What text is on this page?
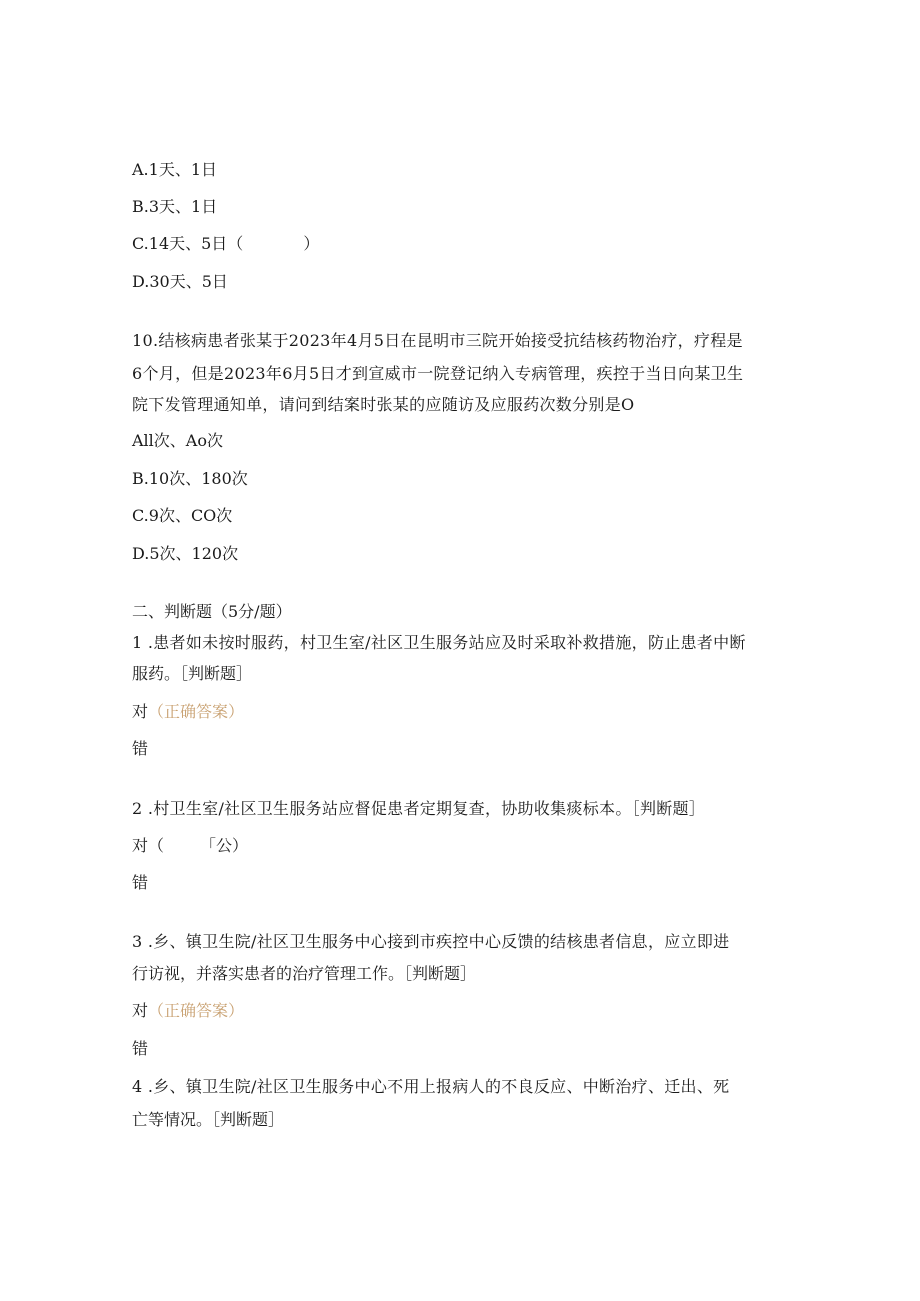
A.1天、1日
B.3天、1日
C.14天、5日（	）
D.30天、5日
10.结核病患者张某于2023年4月5日在昆明市三院开始接受抗结核药物治疗，疗程是
6个月，但是2023年6月5日才到宣威市一院登记纳入专病管理，疾控于当日向某卫生
院下发管理通知单，请问到结案时张某的应随访及应服药次数分别是O
All次、Ao次
B.10次、180次
C.9次、CO次
D.5次、120次
二、判断题（5分/题）
1 .患者如未按时服药，村卫生室/社区卫生服务站应及时采取补救措施，防止患者中断
服药。［判断题］
对（正确答案）
错
2 .村卫生室/社区卫生服务站应督促患者定期复查，协助收集痰标本。［判断题］
对（ 「公）
错
3 .乡、镇卫生院/社区卫生服务中心接到市疾控中心反馈的结核患者信息，应立即进
行访视，并落实患者的治疗管理工作。［判断题］
对（正确答案）
错
4 .乡、镇卫生院/社区卫生服务中心不用上报病人的不良反应、中断治疗、迁出、死
亡等情况。［判断题］
